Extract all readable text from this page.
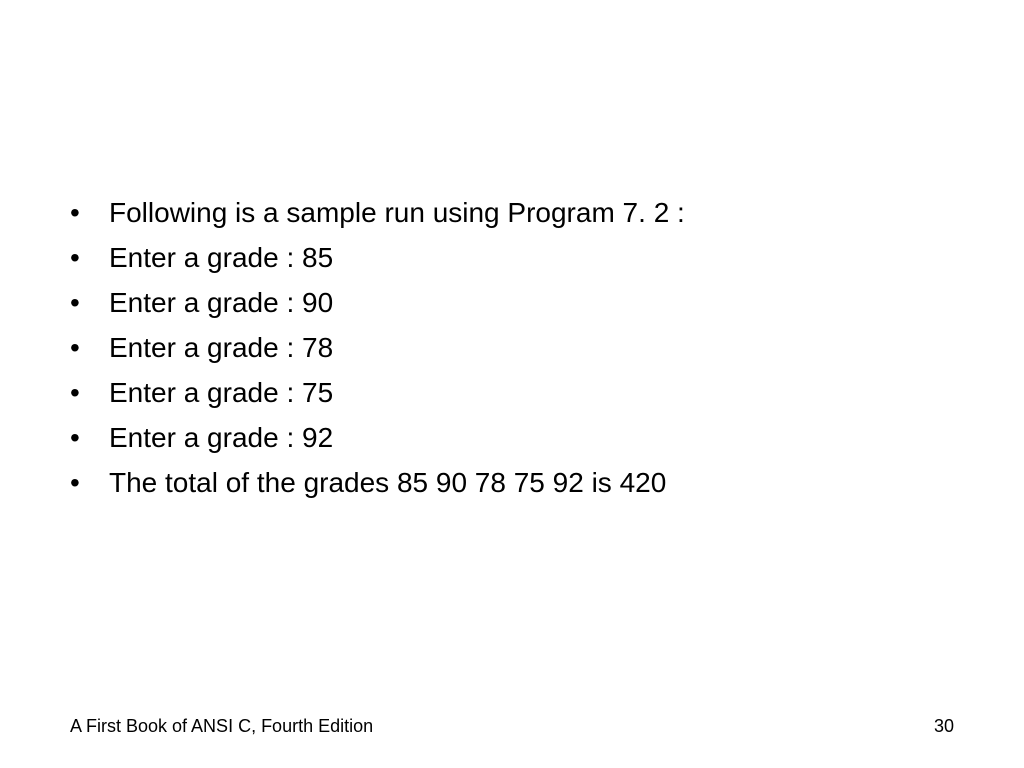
•	Following is a sample run using Program 7. 2 :
•	Enter a grade : 85
•	Enter a grade : 90
•	Enter a grade : 78
•	Enter a grade : 75
•	Enter a grade : 92
•	The total of the grades 85 90 78 75 92 is 420
A First Book of ANSI C, Fourth Edition	30
